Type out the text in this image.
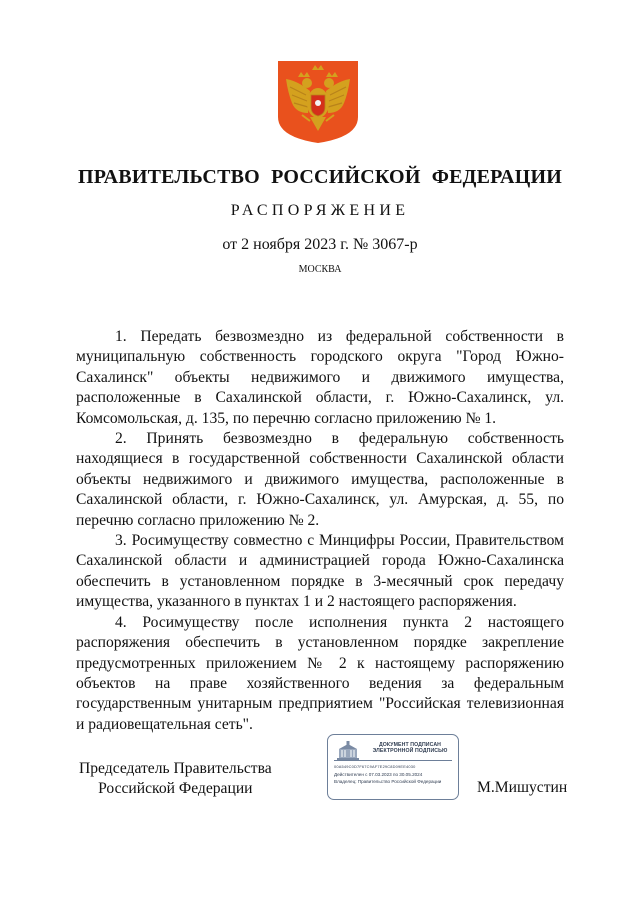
ПРАВИТЕЛЬСТВО РОССИЙСКОЙ ФЕДЕРАЦИИ
РАСПОРЯЖЕНИЕ
от 2 ноября 2023 г. № 3067-р
МОСКВА

1. Передать безвозмездно из федеральной собственности в муниципальную собственность городского округа "Город Южно-Сахалинск" объекты недвижимого и движимого имущества, расположенные в Сахалинской области, г. Южно-Сахалинск, ул. Комсомольская, д. 135, по перечню согласно приложению № 1.

2. Принять безвозмездно в федеральную собственность находящиеся в государственной собственности Сахалинской области объекты недвижимого и движимого имущества, расположенные в Сахалинской области, г. Южно-Сахалинск, ул. Амурская, д. 55, по перечню согласно приложению № 2.

3. Росимуществу совместно с Минцифры России, Правительством Сахалинской области и администрацией города Южно-Сахалинска обеспечить в установленном порядке в 3-месячный срок передачу имущества, указанного в пунктах 1 и 2 настоящего распоряжения.

4. Росимуществу после исполнения пункта 2 настоящего распоряжения обеспечить в установленном порядке закрепление предусмотренных приложением № 2 к настоящему распоряжению объектов на праве хозяйственного ведения за федеральным государственным унитарным предприятием "Российская телевизионная и радиовещательная сеть".

Председатель Правительства
Российской Федерации
ДОКУМЕНТ ПОДПИСАН
ЭЛЕКТРОННОЙ ПОДПИСЬЮ
00A549C0D7F67C9AF7E29C8D09EE4030
Действителен с 07.03.2023 по 30.05.2024
Владелец: Правительство Российской Федерации	М.Мишустин
